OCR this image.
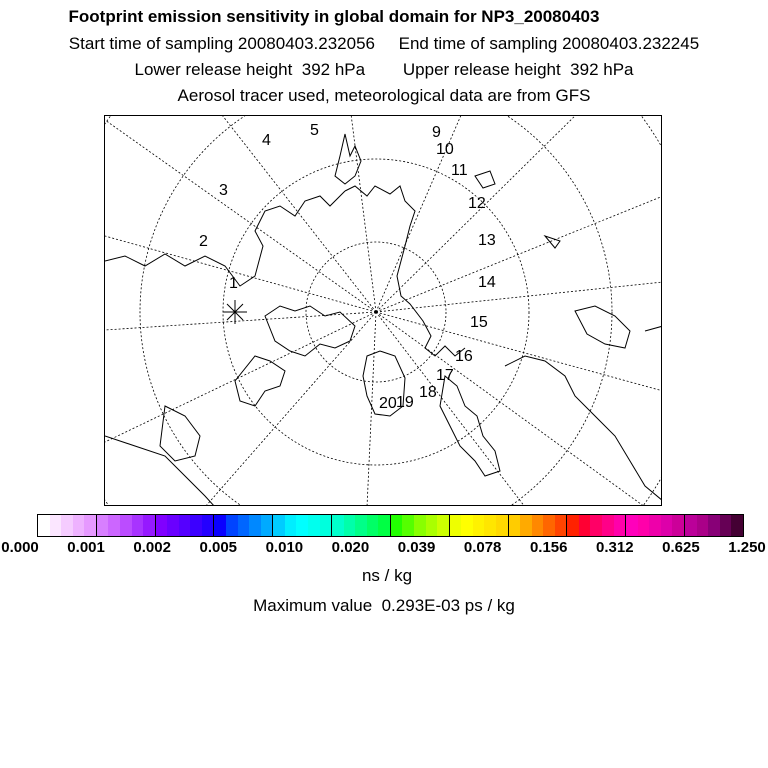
Footprint emission sensitivity in global domain for NP3_20080403
Start time of sampling 20080403.232056     End time of sampling 20080403.232245
Lower release height  392 hPa        Upper release height  392 hPa
Aerosol tracer used, meteorological data are from GFS
1
2
3
4
5	9
10
11
12
13
14
15
16
17
18
19
20
0.000 0.001 0.002 0.005 0.010 0.020 0.039 0.078 0.156 0.312 0.625 1.250
ns / kg
Maximum value  0.293E-03 ps / kg
